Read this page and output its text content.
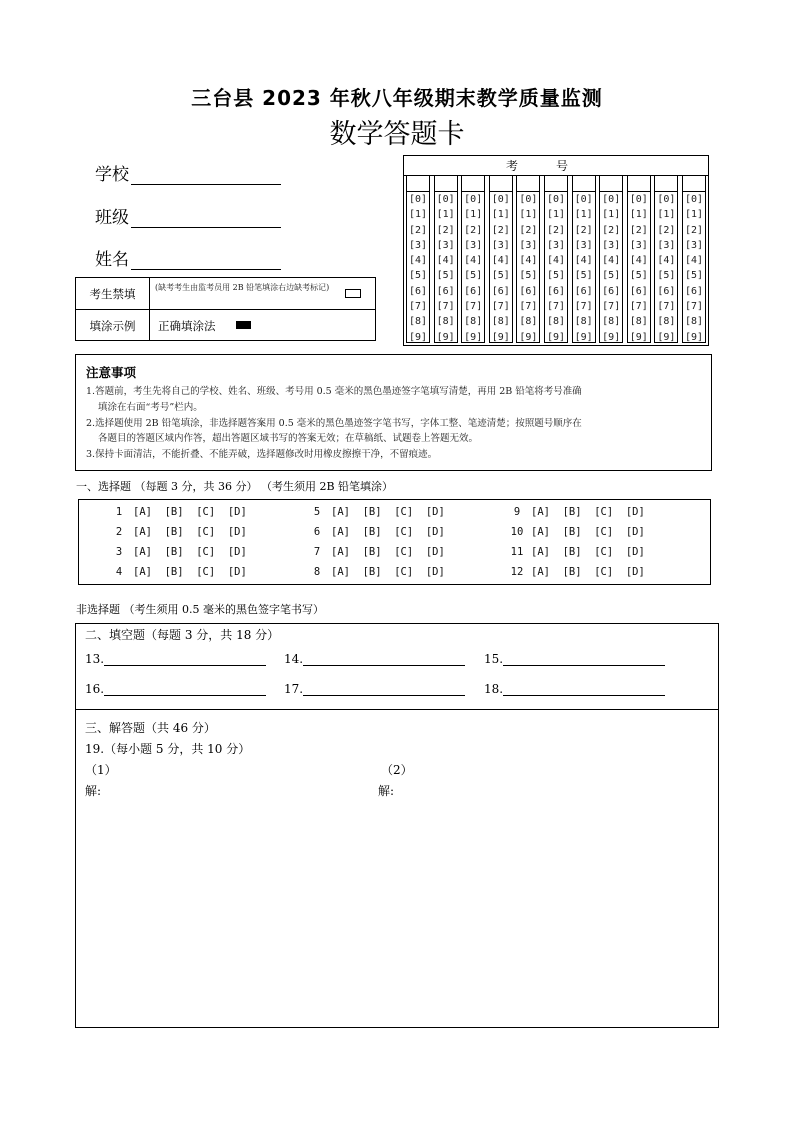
三台县 2023 年秋八年级期末教学质量监测
数学答题卡
学校
班级
姓名
考生禁填	(缺考考生由监考员用 2B 铅笔填涂右边缺考标记)
填涂示例	正确填涂法
考号
[0]
[1]
[2]
[3]
[4]
[5]
[6]
[7]
[8]
[9]
[0]
[1]
[2]
[3]
[4]
[5]
[6]
[7]
[8]
[9]
[0]
[1]
[2]
[3]
[4]
[5]
[6]
[7]
[8]
[9]
[0]
[1]
[2]
[3]
[4]
[5]
[6]
[7]
[8]
[9]
[0]
[1]
[2]
[3]
[4]
[5]
[6]
[7]
[8]
[9]
[0]
[1]
[2]
[3]
[4]
[5]
[6]
[7]
[8]
[9]
[0]
[1]
[2]
[3]
[4]
[5]
[6]
[7]
[8]
[9]
[0]
[1]
[2]
[3]
[4]
[5]
[6]
[7]
[8]
[9]
[0]
[1]
[2]
[3]
[4]
[5]
[6]
[7]
[8]
[9]
[0]
[1]
[2]
[3]
[4]
[5]
[6]
[7]
[8]
[9]
[0]
[1]
[2]
[3]
[4]
[5]
[6]
[7]
[8]
[9]
注意事项
1.答题前，考生先将自己的学校、姓名、班级、考号用 0.5 毫米的黑色墨迹签字笔填写清楚，再用 2B 铅笔将考号准确
填涂在右面“考号”栏内。
2.选择题使用 2B 铅笔填涂，非选择题答案用 0.5 毫米的黑色墨迹签字笔书写，字体工整、笔迹清楚；按照题号顺序在
各题目的答题区域内作答，超出答题区域书写的答案无效；在草稿纸、试题卷上答题无效。
3.保持卡面清洁，不能折叠、不能弄破，选择题修改时用橡皮擦擦干净，不留痕迹。
一、选择题 （每题 3 分，共 36 分） （考生须用 2B 铅笔填涂）
1 [A]  [B]  [C]  [D]
2 [A]  [B]  [C]  [D]
3 [A]  [B]  [C]  [D]
4 [A]  [B]  [C]  [D]
5 [A]  [B]  [C]  [D]
6 [A]  [B]  [C]  [D]
7 [A]  [B]  [C]  [D]
8 [A]  [B]  [C]  [D]
9 [A]  [B]  [C]  [D]
10 [A]  [B]  [C]  [D]
11 [A]  [B]  [C]  [D]
12 [A]  [B]  [C]  [D]
非选择题 （考生须用 0.5 毫米的黑色签字笔书写）
二、填空题（每题 3 分，共 18 分）
13.	14.	15.
16.	17.	18.
三、解答题（共 46 分）
19.（每小题 5 分，共 10 分）
（1）	（2）
解:	解:
